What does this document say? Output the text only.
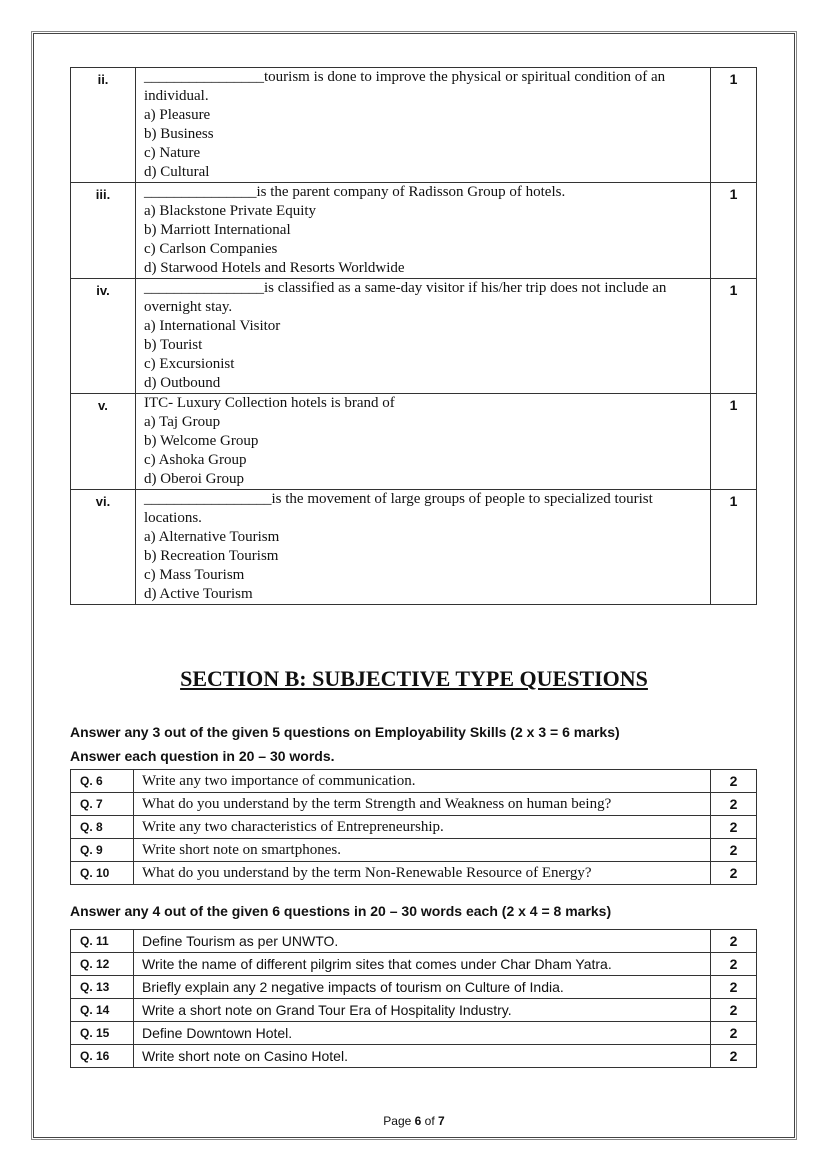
ii.	________________tourism is done to improve the physical or spiritual condition of an individual.
a) Pleasure
b) Business
c) Nature
d) Cultural	1
iii.	_______________is the parent company of Radisson Group of hotels.
a) Blackstone Private Equity
b) Marriott International
c) Carlson Companies
d) Starwood Hotels and Resorts Worldwide	1
iv.	________________is classified as a same-day visitor if his/her trip does not include an overnight stay.
a) International Visitor
b) Tourist
c) Excursionist
d) Outbound	1
v.	ITC- Luxury Collection hotels is brand of
a) Taj Group
b) Welcome Group
c) Ashoka Group
d) Oberoi Group	1
vi.	_________________is the movement of large groups of people to specialized tourist locations.
a) Alternative Tourism
b) Recreation Tourism
c) Mass Tourism
d) Active Tourism	1
SECTION B: SUBJECTIVE TYPE QUESTIONS
Answer any 3 out of the given 5 questions on Employability Skills (2 x 3 = 6 marks)
Answer each question in 20 – 30 words.
Q. 6	Write any two importance of communication.	2
Q. 7	What do you understand by the term Strength and Weakness on human being?	2
Q. 8	Write any two characteristics of Entrepreneurship.	2
Q. 9	Write short note on smartphones.	2
Q. 10	What do you understand by the term Non-Renewable Resource of Energy?	2
Answer any 4 out of the given 6 questions in 20 – 30 words each (2 x 4 = 8 marks)
Q. 11	Define Tourism as per UNWTO.	2
Q. 12	Write the name of different pilgrim sites that comes under Char Dham Yatra.	2
Q. 13	Briefly explain any 2 negative impacts of tourism on Culture of India.	2
Q. 14	Write a short note on Grand Tour Era of Hospitality Industry.	2
Q. 15	Define Downtown Hotel.	2
Q. 16	Write short note on Casino Hotel.	2
Page 6 of 7
